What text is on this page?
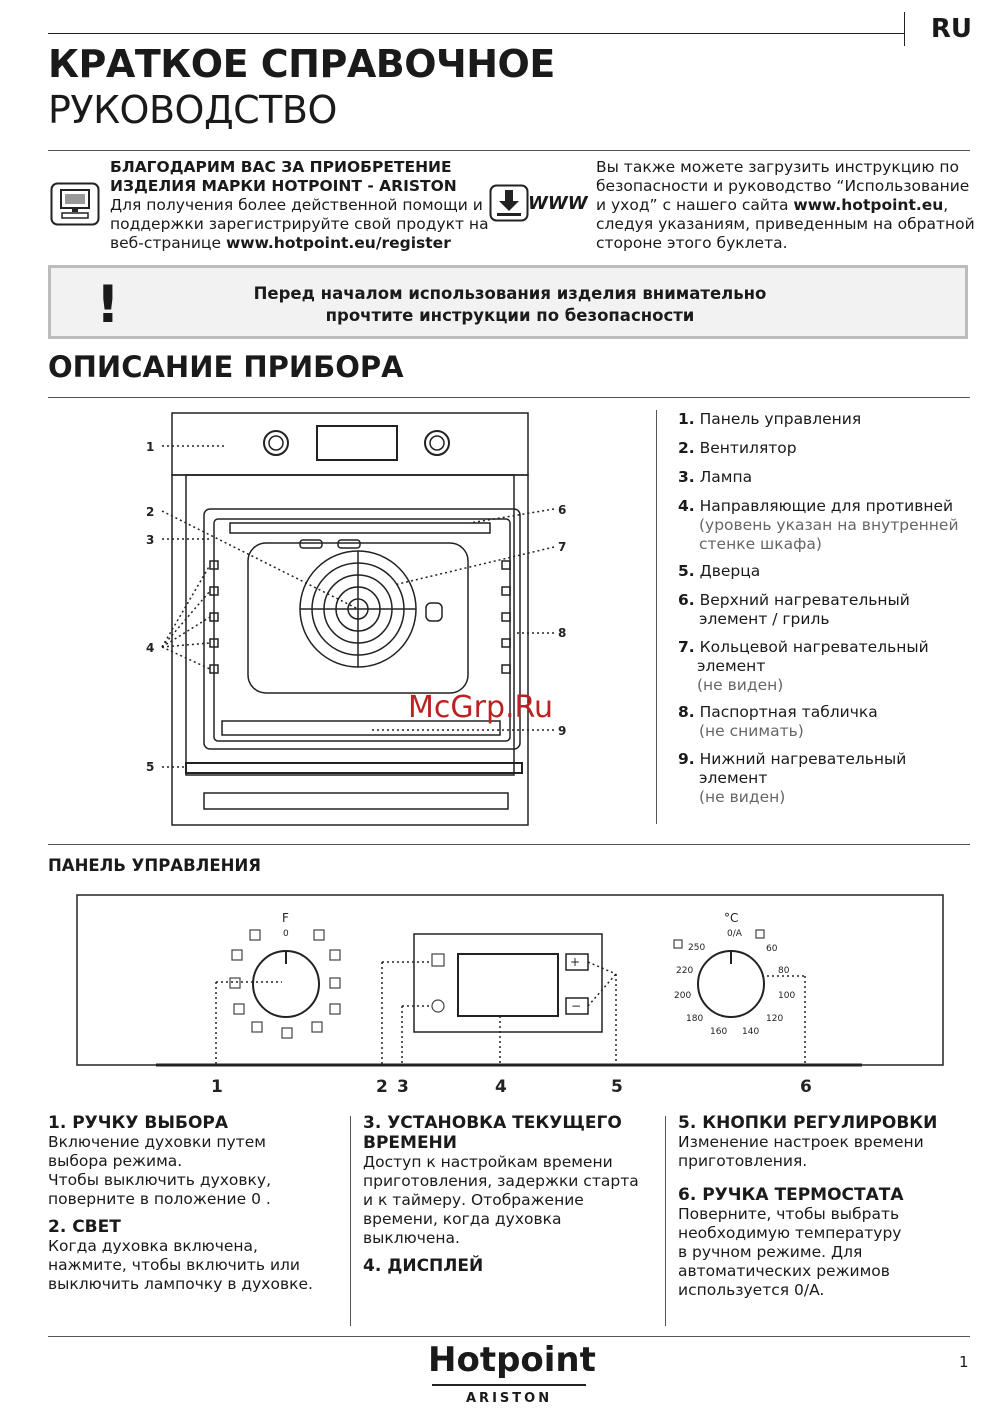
RU
КРАТКОЕ СПРАВОЧНОЕ
РУКОВОДСТВО
БЛАГОДАРИМ ВАС ЗА ПРИОБРЕТЕНИЕ
ИЗДЕЛИЯ МАРКИ HOTPOINT - ARISTON
Для получения более действенной помощи и
поддержки зарегистрируйте свой продукт на
веб-странице www.hotpoint.eu/register
WWW
Вы также можете загрузить инструкцию по
безопасности и руководство “Использование
и уход” с нашего сайта www.hotpoint.eu,
следуя указаниям, приведенным на обратной
стороне этого буклета.
!	Перед началом использования изделия внимательно
прочтите инструкции по безопасности
ОПИСАНИЕ ПРИБОРА
1
2
3
4
5
6
7
8
9
McGrp.Ru
1. Панель управления
2. Вентилятор
3. Лампа
4. Направляющие для противней
(уровень указан на внутренней
стенке шкафа)
5. Дверца
6. Верхний нагревательный
элемент / гриль
7. Кольцевой нагревательный
элемент
(не виден)
8. Паспортная табличка
(не снимать)
9. Нижний нагревательный
элемент
(не виден)
ПАНЕЛЬ УПРАВЛЕНИЯ
F
0
°C
0/A
250	60
220	80
200	100
180	120
160 140
+
−
1	2 3	4	5	6
1. РУЧКУ ВЫБОРА
Включение духовки путем
выбора режима.
Чтобы выключить духовку,
поверните в положение 0 .
2. СВЕТ
Когда духовка включена,
нажмите, чтобы включить или
выключить лампочку в духовке.
3. УСТАНОВКА ТЕКУЩЕГО
ВРЕМЕНИ
Доступ к настройкам времени
приготовления, задержки старта
и к таймеру. Отображение
времени, когда духовка
выключена.
4. ДИСПЛЕЙ
5. КНОПКИ РЕГУЛИРОВКИ
Изменение настроек времени
приготовления.
6. РУЧКА ТЕРМОСТАТА
Поверните, чтобы выбрать
необходимую температуру
в ручном режиме. Для
автоматических режимов
используется 0/A.
Hotpoint
ARISTON
1
